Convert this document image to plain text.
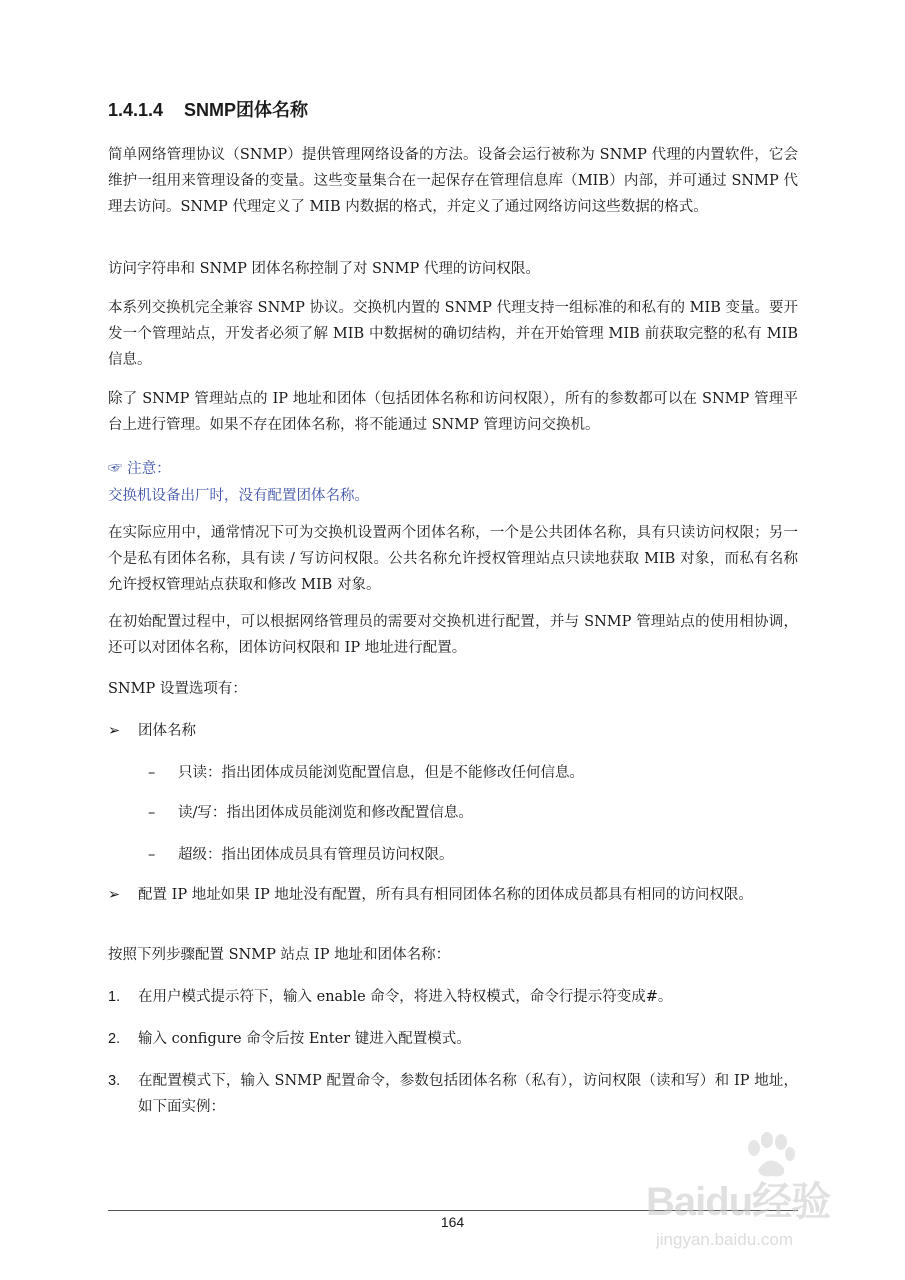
1.4.1.4 SNMP团体名称

简单网络管理协议（SNMP）提供管理网络设备的方法。设备会运行被称为 SNMP 代理的内置软件，它会维护一组用来管理设备的变量。这些变量集合在一起保存在管理信息库（MIB）内部，并可通过 SNMP 代理去访问。SNMP 代理定义了 MIB 内数据的格式，并定义了通过网络访问这些数据的格式。

访问字符串和 SNMP 团体名称控制了对 SNMP 代理的访问权限。

本系列交换机完全兼容 SNMP 协议。交换机内置的 SNMP 代理支持一组标准的和私有的 MIB 变量。要开发一个管理站点，开发者必须了解 MIB 中数据树的确切结构，并在开始管理 MIB 前获取完整的私有 MIB 信息。

除了 SNMP 管理站点的 IP 地址和团体（包括团体名称和访问权限），所有的参数都可以在 SNMP 管理平台上进行管理。如果不存在团体名称，将不能通过 SNMP 管理访问交换机。

☞ 注意：
交换机设备出厂时，没有配置团体名称。

在实际应用中，通常情况下可为交换机设置两个团体名称，一个是公共团体名称，具有只读访问权限；另一个是私有团体名称，具有读 / 写访问权限。公共名称允许授权管理站点只读地获取 MIB 对象，而私有名称允许授权管理站点获取和修改 MIB 对象。

在初始配置过程中，可以根据网络管理员的需要对交换机进行配置，并与 SNMP 管理站点的使用相协调，还可以对团体名称，团体访问权限和 IP 地址进行配置。

SNMP 设置选项有：

➢ 团体名称
– 只读：指出团体成员能浏览配置信息，但是不能修改任何信息。
– 读/写：指出团体成员能浏览和修改配置信息。
– 超级：指出团体成员具有管理员访问权限。
➢ 配置 IP 地址如果 IP 地址没有配置，所有具有相同团体名称的团体成员都具有相同的访问权限。

按照下列步骤配置 SNMP 站点 IP 地址和团体名称：

1. 在用户模式提示符下，输入 enable 命令，将进入特权模式，命令行提示符变成#。
2. 输入 configure 命令后按 Enter 键进入配置模式。
3. 在配置模式下，输入 SNMP 配置命令，参数包括团体名称（私有），访问权限（读和写）和 IP 地址，如下面实例：
164	Baidu经验
jingyan.baidu.com
